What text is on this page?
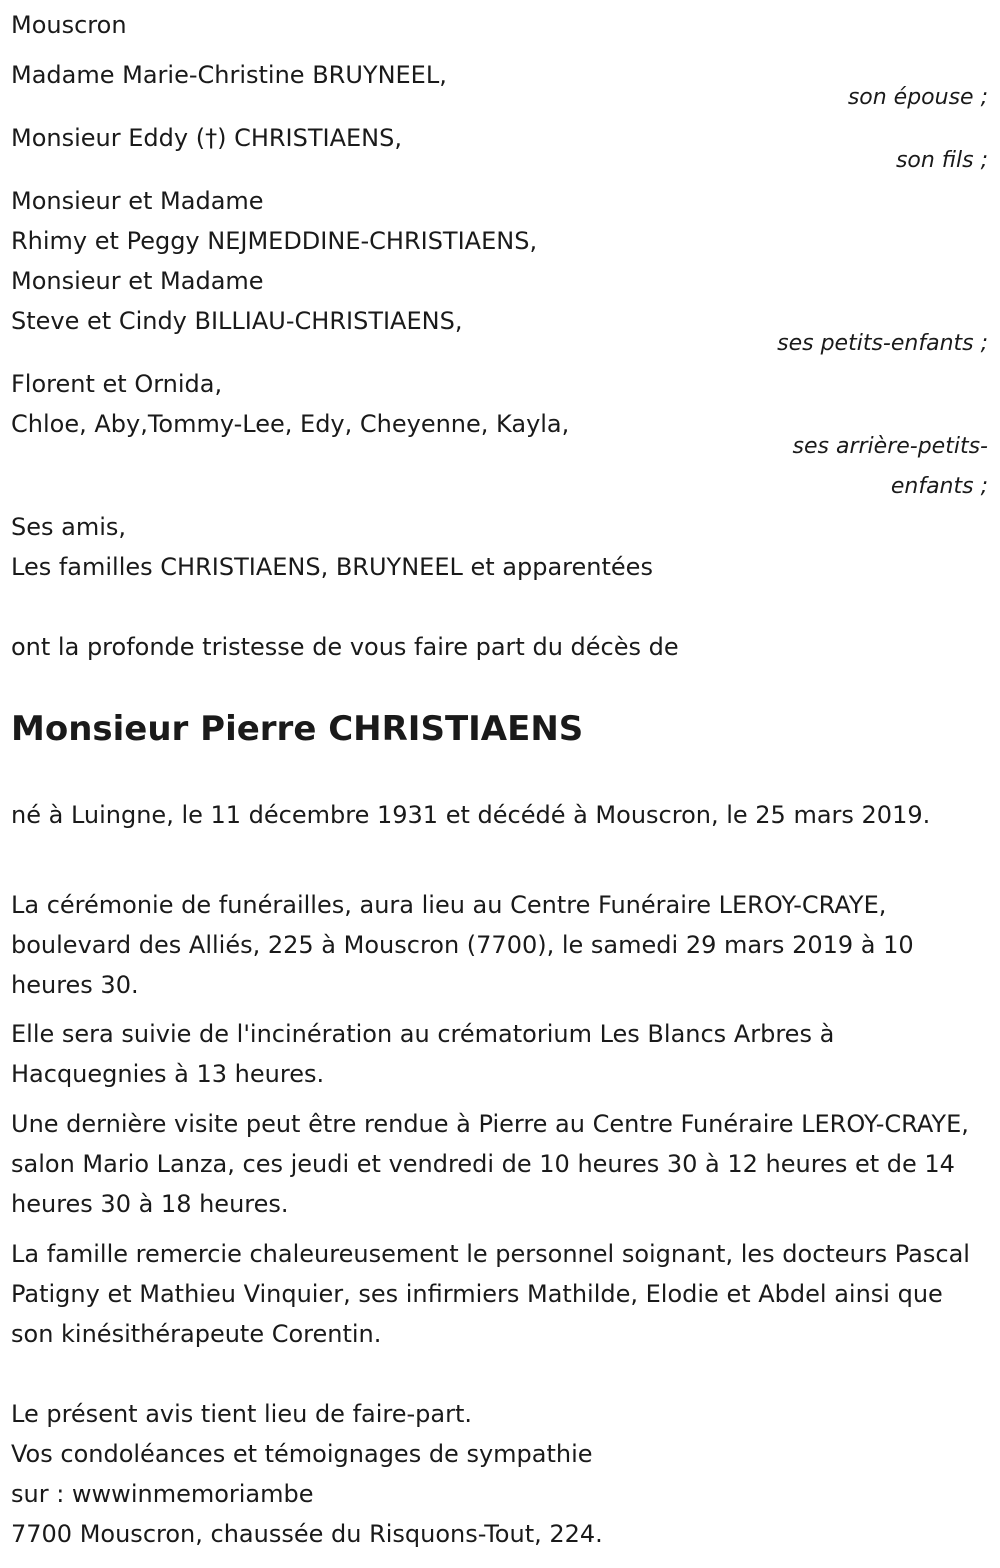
Mouscron
Madame Marie-Christine BRUYNEEL,
son épouse ;
Monsieur Eddy (†) CHRISTIAENS,
son fils ;
Monsieur et Madame
Rhimy et Peggy NEJMEDDINE-CHRISTIAENS,
Monsieur et Madame
Steve et Cindy BILLIAU-CHRISTIAENS,
ses petits-enfants ;
Florent et Ornida,
Chloe, Aby,Tommy-Lee, Edy, Cheyenne, Kayla,
ses arrière-petits-
enfants ;
Ses amis,
Les familles CHRISTIAENS, BRUYNEEL et apparentées
ont la profonde tristesse de vous faire part du décès de
Monsieur Pierre CHRISTIAENS

né à Luingne, le 11 décembre 1931 et décédé à Mouscron, le 25 mars 2019.

La cérémonie de funérailles, aura lieu au Centre Funéraire LEROY-CRAYE, boulevard des Alliés, 225 à Mouscron (7700), le samedi 29 mars 2019 à 10 heures 30.

Elle sera suivie de l'incinération au crématorium Les Blancs Arbres à Hacquegnies à 13 heures.

Une dernière visite peut être rendue à Pierre au Centre Funéraire LEROY-CRAYE, salon Mario Lanza, ces jeudi et vendredi de 10 heures 30 à 12 heures et de 14 heures 30 à 18 heures.

La famille remercie chaleureusement le personnel soignant, les docteurs Pascal Patigny et Mathieu Vinquier, ses infirmiers Mathilde, Elodie et Abdel ainsi que son kinésithérapeute Corentin.

Le présent avis tient lieu de faire-part.
Vos condoléances et témoignages de sympathie
sur : wwwinmemoriambe
7700 Mouscron, chaussée du Risquons-Tout, 224.
